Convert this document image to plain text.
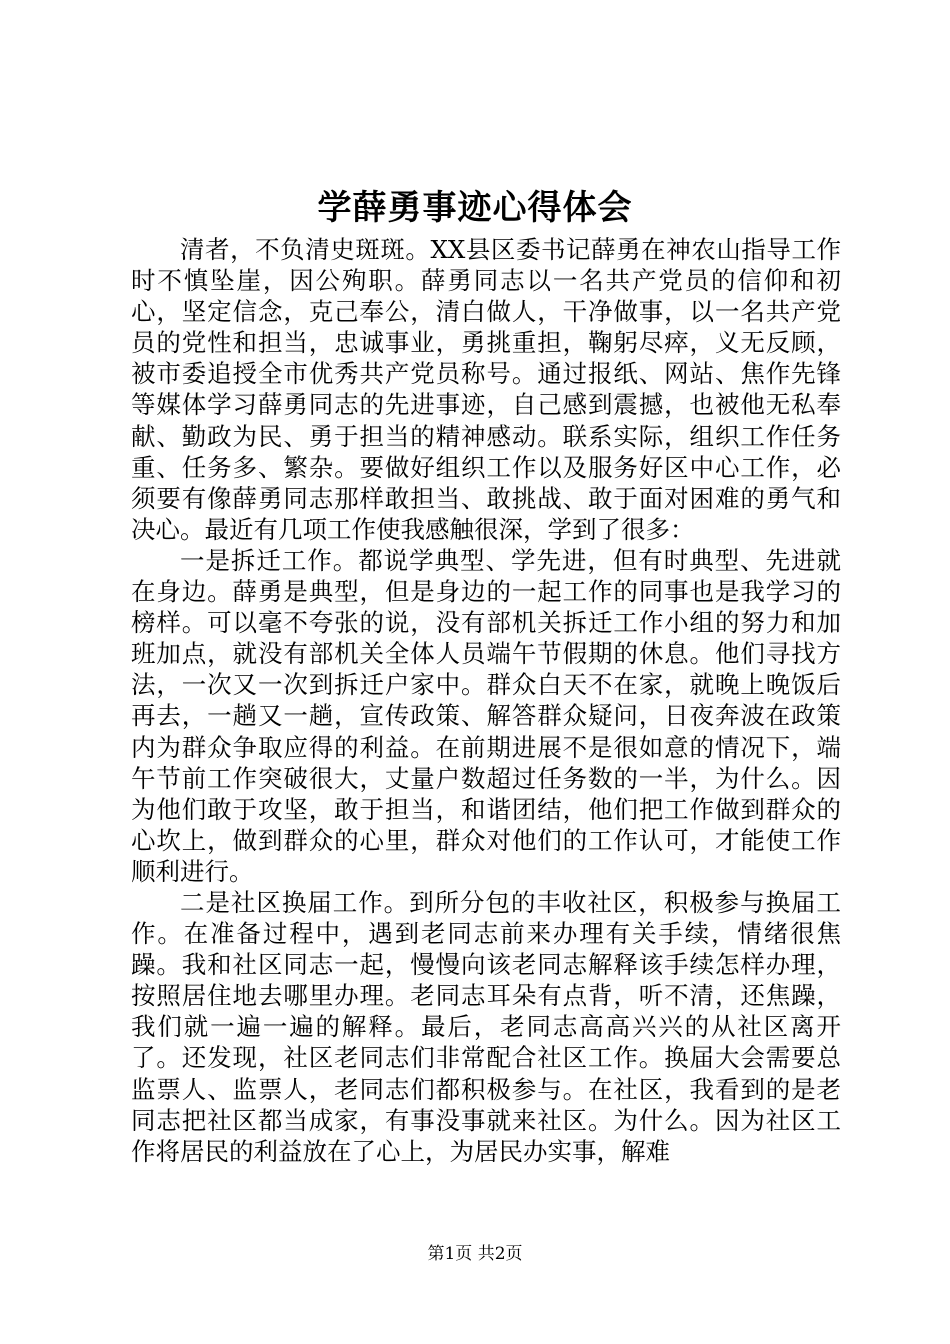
学薛勇事迹心得体会

清者，不负清史斑斑。XX县区委书记薛勇在神农山指导工作时不慎坠崖，因公殉职。薛勇同志以一名共产党员的信仰和初心，坚定信念，克己奉公，清白做人，干净做事，以一名共产党员的党性和担当，忠诚事业，勇挑重担，鞠躬尽瘁，义无反顾，被市委追授全市优秀共产党员称号。通过报纸、网站、焦作先锋等媒体学习薛勇同志的先进事迹，自己感到震撼，也被他无私奉献、勤政为民、勇于担当的精神感动。联系实际，组织工作任务重、任务多、繁杂。要做好组织工作以及服务好区中心工作，必须要有像薛勇同志那样敢担当、敢挑战、敢于面对困难的勇气和决心。最近有几项工作使我感触很深，学到了很多：

一是拆迁工作。都说学典型、学先进，但有时典型、先进就在身边。薛勇是典型，但是身边的一起工作的同事也是我学习的榜样。可以毫不夸张的说，没有部机关拆迁工作小组的努力和加班加点，就没有部机关全体人员端午节假期的休息。他们寻找方法，一次又一次到拆迁户家中。群众白天不在家，就晚上晚饭后再去，一趟又一趟，宣传政策、解答群众疑问，日夜奔波在政策内为群众争取应得的利益。在前期进展不是很如意的情况下，端午节前工作突破很大，丈量户数超过任务数的一半，为什么。因为他们敢于攻坚，敢于担当，和谐团结，他们把工作做到群众的心坎上，做到群众的心里，群众对他们的工作认可，才能使工作顺利进行。

二是社区换届工作。到所分包的丰收社区，积极参与换届工作。在准备过程中，遇到老同志前来办理有关手续，情绪很焦躁。我和社区同志一起，慢慢向该老同志解释该手续怎样办理，按照居住地去哪里办理。老同志耳朵有点背，听不清，还焦躁，我们就一遍一遍的解释。最后，老同志高高兴兴的从社区离开了。还发现，社区老同志们非常配合社区工作。换届大会需要总监票人、监票人，老同志们都积极参与。在社区，我看到的是老同志把社区都当成家，有事没事就来社区。为什么。因为社区工作将居民的利益放在了心上，为居民办实事，解难

第1页 共2页
